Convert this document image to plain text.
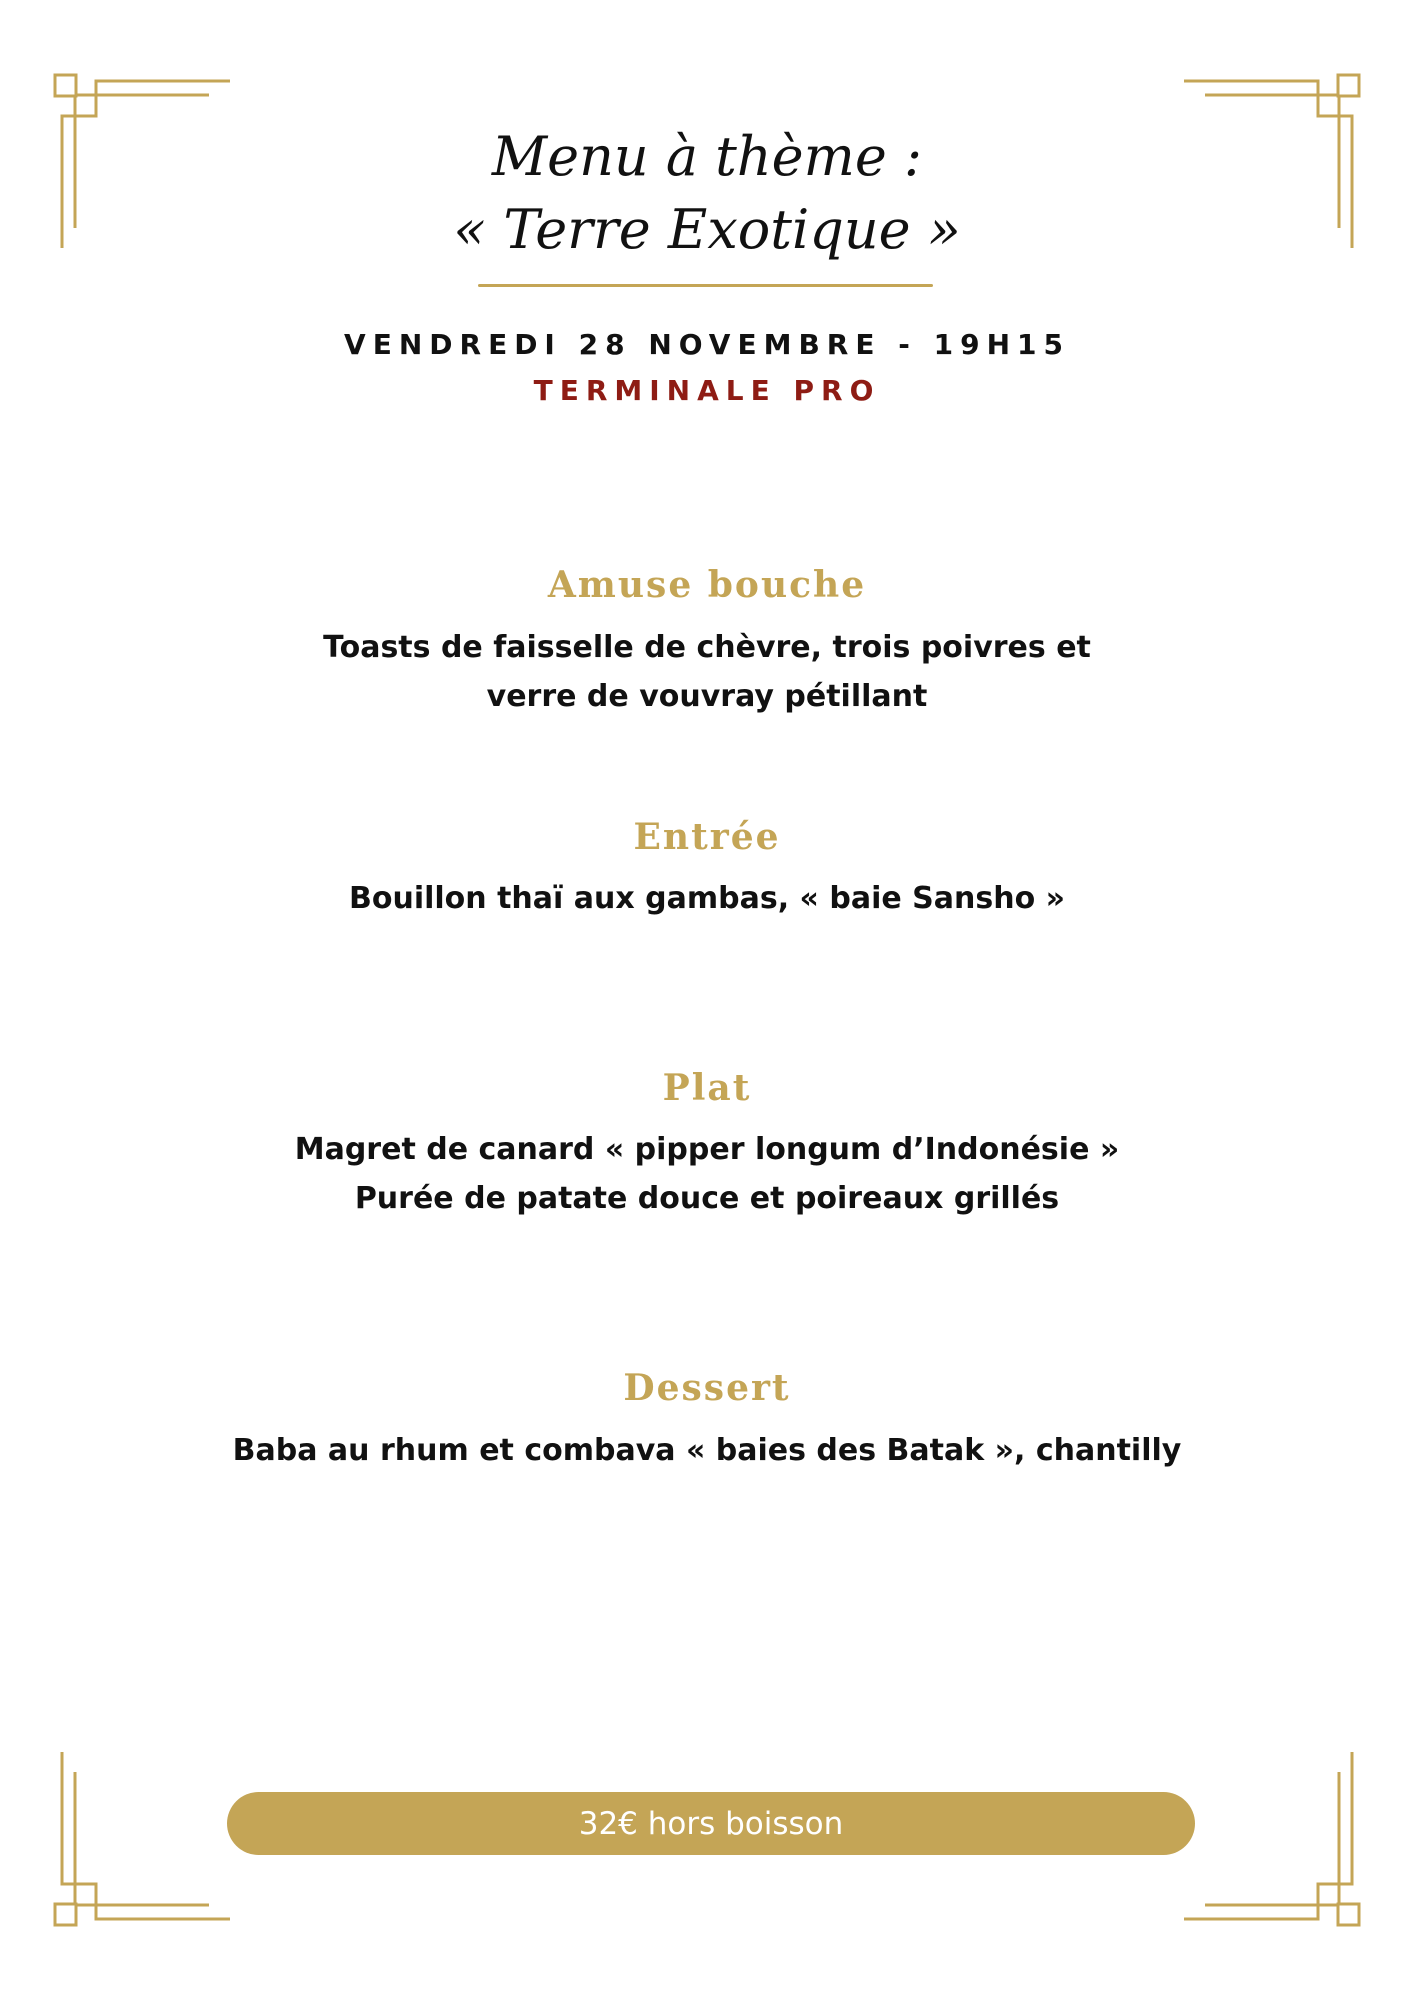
Menu à thème :
« Terre Exotique »
VENDREDI 28 NOVEMBRE - 19H15
TERMINALE PRO
Amuse bouche
Toasts de faisselle de chèvre, trois poivres et
verre de vouvray pétillant
Entrée
Bouillon thaï aux gambas, « baie Sansho »
Plat
Magret de canard « pipper longum d’Indonésie »
Purée de patate douce et poireaux grillés
Dessert
Baba au rhum et combava « baies des Batak », chantilly
32€ hors boisson
